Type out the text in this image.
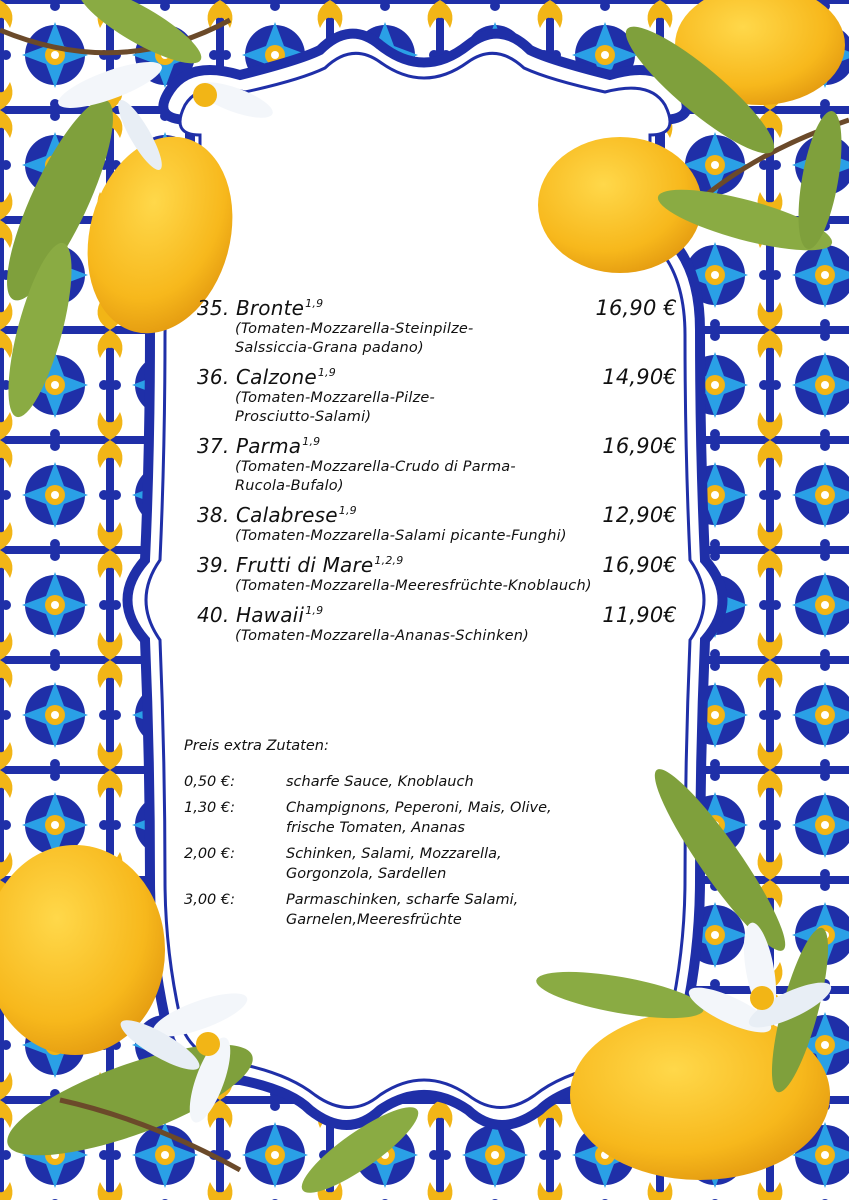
35. Bronte$^{1,9}$	16,90 €
(Tomaten-Mozzarella-Steinpilze-
Salssiccia-Grana padano)
36. Calzone$^{1,9}$	14,90€
(Tomaten-Mozzarella-Pilze-
Prosciutto-Salami)
37. Parma$^{1,9}$	16,90€
(Tomaten-Mozzarella-Crudo di Parma-
Rucola-Bufalo)
38. Calabrese$^{1,9}$	12,90€
(Tomaten-Mozzarella-Salami picante-Funghi)
39. Frutti di Mare$^{1,2,9}$	16,90€
(Tomaten-Mozzarella-Meeresfrüchte-Knoblauch)
40. Hawaii$^{1,9}$	11,90€
(Tomaten-Mozzarella-Ananas-Schinken)
Preis extra Zutaten:
0,50 €:	scharfe Sauce, Knoblauch
1,30 €:	Champignons, Peperoni, Mais, Olive,
frische Tomaten, Ananas
2,00 €:	Schinken, Salami, Mozzarella,
Gorgonzola, Sardellen
3,00 €:	Parmaschinken, scharfe Salami,
Garnelen,Meeresfrüchte
